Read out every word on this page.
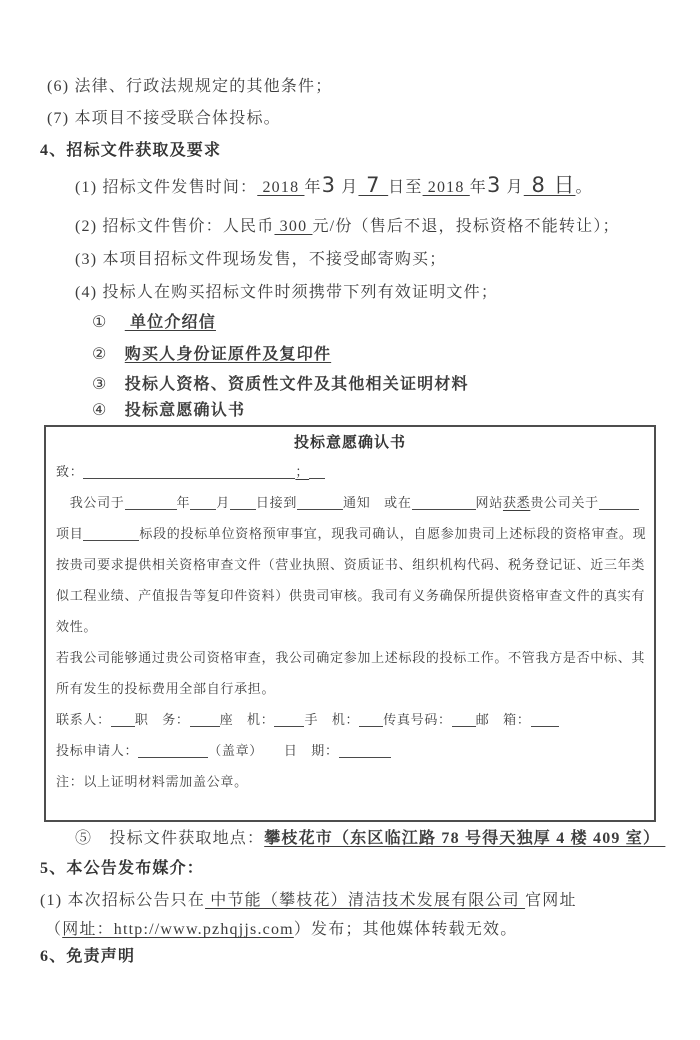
(6) 法律、行政法规规定的其他条件；
(7) 本项目不接受联合体投标。
4、招标文件获取及要求
(1) 招标文件发售时间： 2018 年3 月 7 日至 2018 年3 月 8 日。
(2) 招标文件售价：人民币 300 元/份（售后不退，投标资格不能转让）；
(3) 本项目招标文件现场发售，不接受邮寄购买；
(4) 投标人在购买招标文件时须携带下列有效证明文件；
①　 单位介绍信
②　购买人身份证原件及复印件
③　投标人资格、资质性文件及其他相关证明材料
④　投标意愿确认书
投标意愿确认书
致：	；
　我公司于	年 月 日接到	通知　或在	网站获悉贵公司关于
项目	标段的投标单位资格预审事宜，现我司确认，自愿参加贵司上述标段的资格审查。现
按贵司要求提供相关资格审查文件（营业执照、资质证书、组织机构代码、税务登记证、近三年类
似工程业绩、产值报告等复印件资料）供贵司审核。我司有义务确保所提供资格审查文件的真实有
效性。
若我公司能够通过贵公司资格审查，我公司确定参加上述标段的投标工作。不管我方是否中标、其
所有发生的投标费用全部自行承担。
联系人： 职　务： 座　机： 手　机： 传真号码： 邮　箱：
投标申请人：	（盖章）　　日　期：
注：以上证明材料需加盖公章。
⑤　投标文件获取地点：攀枝花市（东区临江路 78 号得天独厚 4 楼 409 室）
5、本公告发布媒介：
(1) 本次招标公告只在 中节能（攀枝花）清洁技术发展有限公司 官网址
（网址：http://www.pzhqjjs.com）发布；其他媒体转载无效。
6、免责声明
